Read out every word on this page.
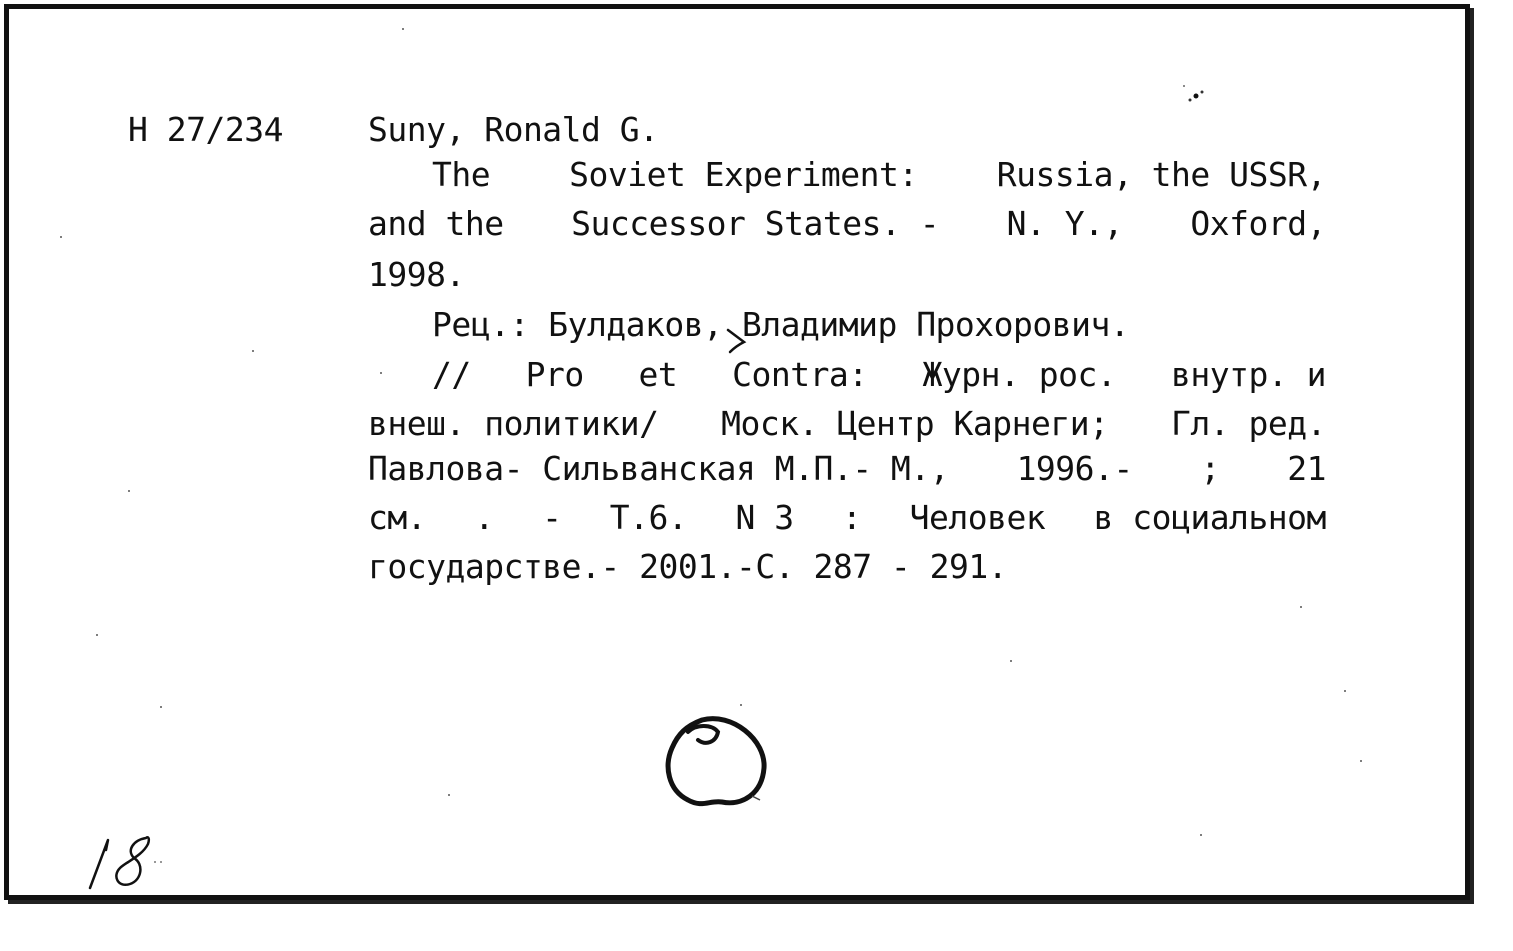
Н 27/234	Suny, Ronald G.
The Soviet Experiment: Russia, the USSR,
and the Successor States. - N. Y., Oxford,
1998.
Рец.: Булдаков, Владимир Прохорович.
// Pro et Contra: Журн. рос. внутр. и
внеш. политики/ Моск. Центр Карнеги; Гл. ред.
Павлова- Сильванская М.П.- М., 1996.- ; 21
см. . - Т.6. N 3 : Человек в социальном
государстве.- 2001.-С. 287 - 291.
